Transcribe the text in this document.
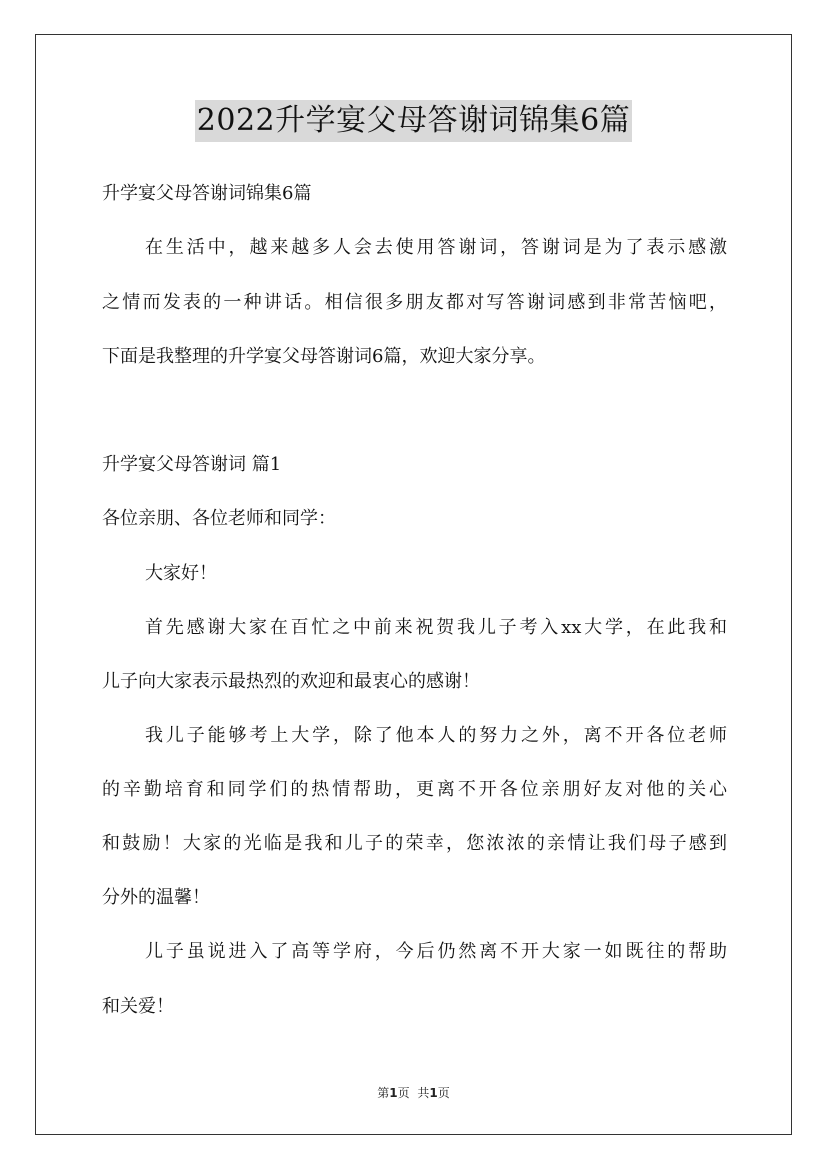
2022升学宴父母答谢词锦集6篇
升学宴父母答谢词锦集6篇
在生活中，越来越多人会去使用答谢词，答谢词是为了表示感激
之情而发表的一种讲话。相信很多朋友都对写答谢词感到非常苦恼吧，
下面是我整理的升学宴父母答谢词6篇，欢迎大家分享。
升学宴父母答谢词 篇1
各位亲朋、各位老师和同学：
大家好！
首先感谢大家在百忙之中前来祝贺我儿子考入xx大学，在此我和
儿子向大家表示最热烈的欢迎和最衷心的感谢！
我儿子能够考上大学，除了他本人的努力之外，离不开各位老师
的辛勤培育和同学们的热情帮助，更离不开各位亲朋好友对他的关心
和鼓励！大家的光临是我和儿子的荣幸，您浓浓的亲情让我们母子感到
分外的温馨！
儿子虽说进入了高等学府，今后仍然离不开大家一如既往的帮助
和关爱！
第1页 共1页
